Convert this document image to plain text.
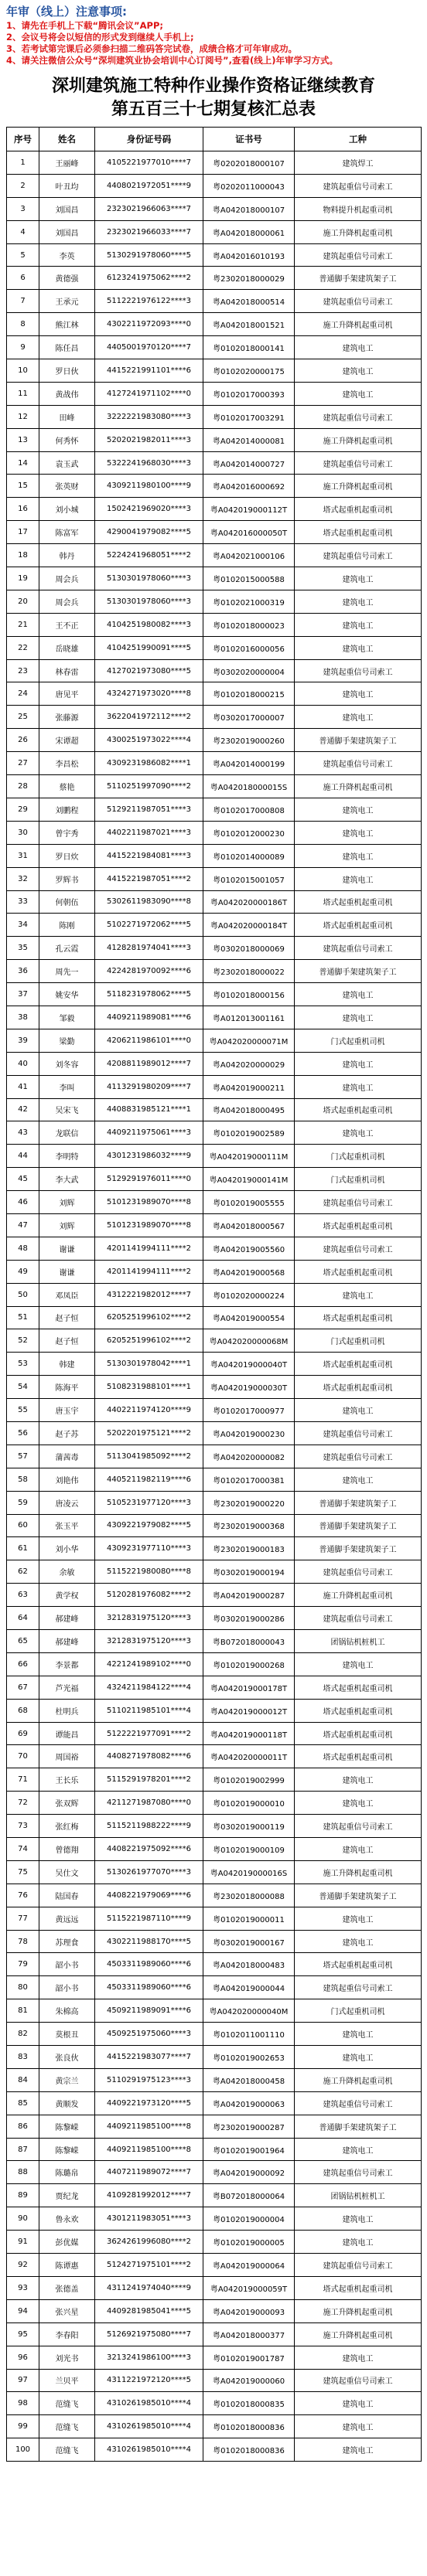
年审（线上）注意事项:
1、请先在手机上下载“腾讯会议”APP;
2、会议号将会以短信的形式发到继续人手机上;
3、若考试第完课后必须参扫描二维码答完试卷，成绩合格才可年审成功。
4、请关注微信公众号“深圳建筑业协会培训中心订阅号”,查看(线上)年审学习方式。
深圳建筑施工特种作业操作资格证继续教育
第五百三十七期复核汇总表
序号	姓名	身份证号码	证书号	工种
1	王丽峰	4105221977010****7	粤0202018000107	建筑焊工
2	叶丑均	4408021972051****9	粤0202011000043	建筑起重信号司索工
3	刘国昌	2323021966063****7	粤A042018000107	物料提升机起重司机
4	刘国昌	2323021966033****7	粤A042018000061	施工升降机起重司机
5	李英	5130291978060****5	粤A042016010193	建筑起重信号司索工
6	黄德强	6123241975062****2	粤2302018000029	普通脚手架建筑架子工
7	王承元	5112221976122****3	粤A042018000514	建筑起重信号司索工
8	熊江林	4302211972093****0	粤A042018001521	施工升降机起重司机
9	陈任昌	4405001970120****7	粤0102018000141	建筑电工
10	罗日伙	4415221991101****6	粤0102020000175	建筑电工
11	黄战伟	4127241971102****0	粤0102017000393	建筑电工
12	田峰	3222221983080****3	粤0102017003291	建筑起重信号司索工
13	何秀怀	5202021982011****3	粤A042014000081	施工升降机起重司机
14	袁玉武	5322241968030****3	粤A042014000727	建筑起重信号司索工
15	张英财	4309211980100****9	粤A042016000692	施工升降机起重司机
16	刘小城	1502421969020****3	粤A042019000112T	塔式起重机起重司机
17	陈富军	4290041979082****5	粤A042016000050T	塔式起重机起重司机
18	韩丹	5224241968051****2	粤A042021000106	建筑起重信号司索工
19	周会兵	5130301978060****3	粤0102015000588	建筑电工
20	周会兵	5130301978060****3	粤0102021000319	建筑电工
21	王不正	4104251980082****3	粤0102018000023	建筑电工
22	岳晓雄	4104251990091****5	粤0102016000056	建筑电工
23	林春雷	4127021973080****5	粤0302020000004	建筑起重信号司索工
24	唐见平	4324271973020****8	粤0102018000215	建筑电工
25	张藤源	3622041972112****2	粤0302017000007	建筑电工
26	宋谭超	4300251973022****4	粤2302019000260	普通脚手架建筑架子工
27	李昌松	4309231986082****1	粤A042014000199	建筑起重信号司索工
28	蔡艳	5110251997090****2	粤A042018000015S	施工升降机起重司机
29	刘鹏程	5129211987051****3	粤0102017000808	建筑电工
30	曾宇秀	4402211987021****3	粤0102012000230	建筑电工
31	罗日炊	4415221984081****3	粤0102014000089	建筑电工
32	罗辉书	4415221987051****2	粤0102015001057	建筑电工
33	何朝伍	5302611983090****8	粤A042020000186T	塔式起重机起重司机
34	陈刚	5102271972062****5	粤A042020000184T	塔式起重机起重司机
35	孔云霞	4128281974041****3	粤0302018000069	建筑起重信号司索工
36	周先一	4224281970092****6	粤2302018000022	普通脚手架建筑架子工
37	姚安华	5118231978062****5	粤0102018000156	建筑电工
38	邹毅	4409211989081****6	粤A012013001161	建筑电工
39	梁勤	4206211986101****0	粤A042020000071M	门式起重机司机
40	刘冬容	4208811989012****7	粤A042020000029	建筑电工
41	李叫	4113291980209****7	粤A042019000211	建筑电工
42	吴宋飞	4408831985121****1	粤A042018000495	塔式起重机起重司机
43	龙联信	4409211975061****3	粤0102019002589	建筑电工
44	李明特	4301231986032****9	粤A042019000111M	门式起重机司机
45	李大武	5129291976011****0	粤A042019000141M	门式起重机司机
46	刘辉	5101231989070****8	粤0102019005555	建筑起重信号司索工
47	刘辉	5101231989070****8	粤A042018000567	塔式起重机起重司机
48	谢谦	4201141994111****2	粤A042019005560	建筑起重信号司索工
49	谢谦	4201141994111****2	粤A042019000568	塔式起重机起重司机
50	邓凤臣	4312221982012****7	粤0102020000224	建筑电工
51	赵子恒	6205251996102****2	粤A042019000554	塔式起重机起重司机
52	赵子恒	6205251996102****2	粤A042020000068M	门式起重机司机
53	韩建	5130301978042****1	粤A042019000040T	塔式起重机起重司机
54	陈海平	5108231988101****1	粤A042019000030T	塔式起重机起重司机
55	唐玉宇	4402211974120****9	粤0102017000977	建筑电工
56	赵子苏	5202201975121****2	粤A042019000230	建筑起重信号司索工
57	蒲茜毒	5113041985092****2	粤A042020000082	建筑起重信号司索工
58	刘艳伟	4405211982119****6	粤0102017000381	建筑电工
59	唐凌云	5105231977120****3	粤2302019000220	普通脚手架建筑架子工
60	张玉平	4309221979082****5	粤2302019000368	普通脚手架建筑架子工
61	刘小华	4309231977110****3	粤2302019000183	普通脚手架建筑架子工
62	余敏	5115221980080****8	粤0302019000194	建筑起重信号司索工
63	黄学权	5120281976082****2	粤A042019000287	施工升降机起重司机
64	郝建峰	3212831975120****3	粤0302019000286	建筑起重信号司索工
65	郝建峰	3212831975120****3	粤B072018000043	团锅钻机桩机工
66	李景都	4221241989102****0	粤0102019000268	建筑电工
67	芦光福	4324211984122****4	粤A042019000178T	塔式起重机起重司机
68	杜明兵	5110211985101****4	粤A042019000012T	塔式起重机起重司机
69	谭能昌	5122221977091****2	粤A042019000118T	塔式起重机起重司机
70	周国裕	4408271978082****6	粤A042020000011T	塔式起重机起重司机
71	王长乐	5115291978201****2	粤0102019002999	建筑电工
72	张双辉	4211271987080****0	粤0102019000010	建筑电工
73	张红梅	5115211988222****9	粤0302019000119	建筑起重信号司索工
74	曾德翔	4408221975092****6	粤0102019000109	建筑电工
75	吴仕文	5130261977070****3	粤A042019000016S	施工升降机起重司机
76	陆国春	4408221979069****6	粤2302018000088	普通脚手架建筑架子工
77	黄远远	5115221987110****9	粤0102019000011	建筑电工
78	苏理食	4302211988170****5	粤0302019000167	建筑电工
79	韶小书	4503311989060****6	粤A042018000483	塔式起重机起重司机
80	韶小书	4503311989060****6	粤A042019000044	建筑起重信号司索工
81	朱棉高	4509211989091****6	粤A042020000040M	门式起重机司机
82	莫根丑	4509251975060****3	粤0102011001110	建筑电工
83	张良伙	4415221983077****7	粤0102019002653	建筑电工
84	黄宗兰	5110291975123****3	粤A042018000458	施工升降机起重司机
85	黄顺发	4409221973120****5	粤A042019000063	建筑起重信号司索工
86	陈黎嵘	4409211985100****8	粤2302019000287	普通脚手架建筑架子工
87	陈黎嵘	4409211985100****8	粤0102019001964	建筑电工
88	陈璐帛	4407211989072****7	粤A042019000092	建筑起重信号司索工
89	贾纪龙	4109281992012****7	粤B072018000064	团锅钻机桩机工
90	鲁永欢	4301211983051****3	粤0102019000004	建筑电工
91	彭优媒	3624261996080****2	粤0102019000005	建筑电工
92	陈谭惠	5124271975101****2	粤A042019000064	建筑起重信号司索工
93	张德盖	4311241974040****9	粤A042019000059T	塔式起重机起重司机
94	张兴星	4409281985041****5	粤A042019000093	施工升降机起重司机
95	李春阳	5126921975080****7	粤A042018000377	施工升降机起重司机
96	刘光书	3213241986100****3	粤0102019001787	建筑电工
97	兰贝平	4311221972120****5	粤A042019000060	建筑起重信号司索工
98	范缝飞	4310261985010****4	粤0102018000835	建筑电工
99	范缝飞	4310261985010****4	粤0102018000836	建筑电工
100	范缝飞	4310261985010****4	粤0102018000836	建筑电工
